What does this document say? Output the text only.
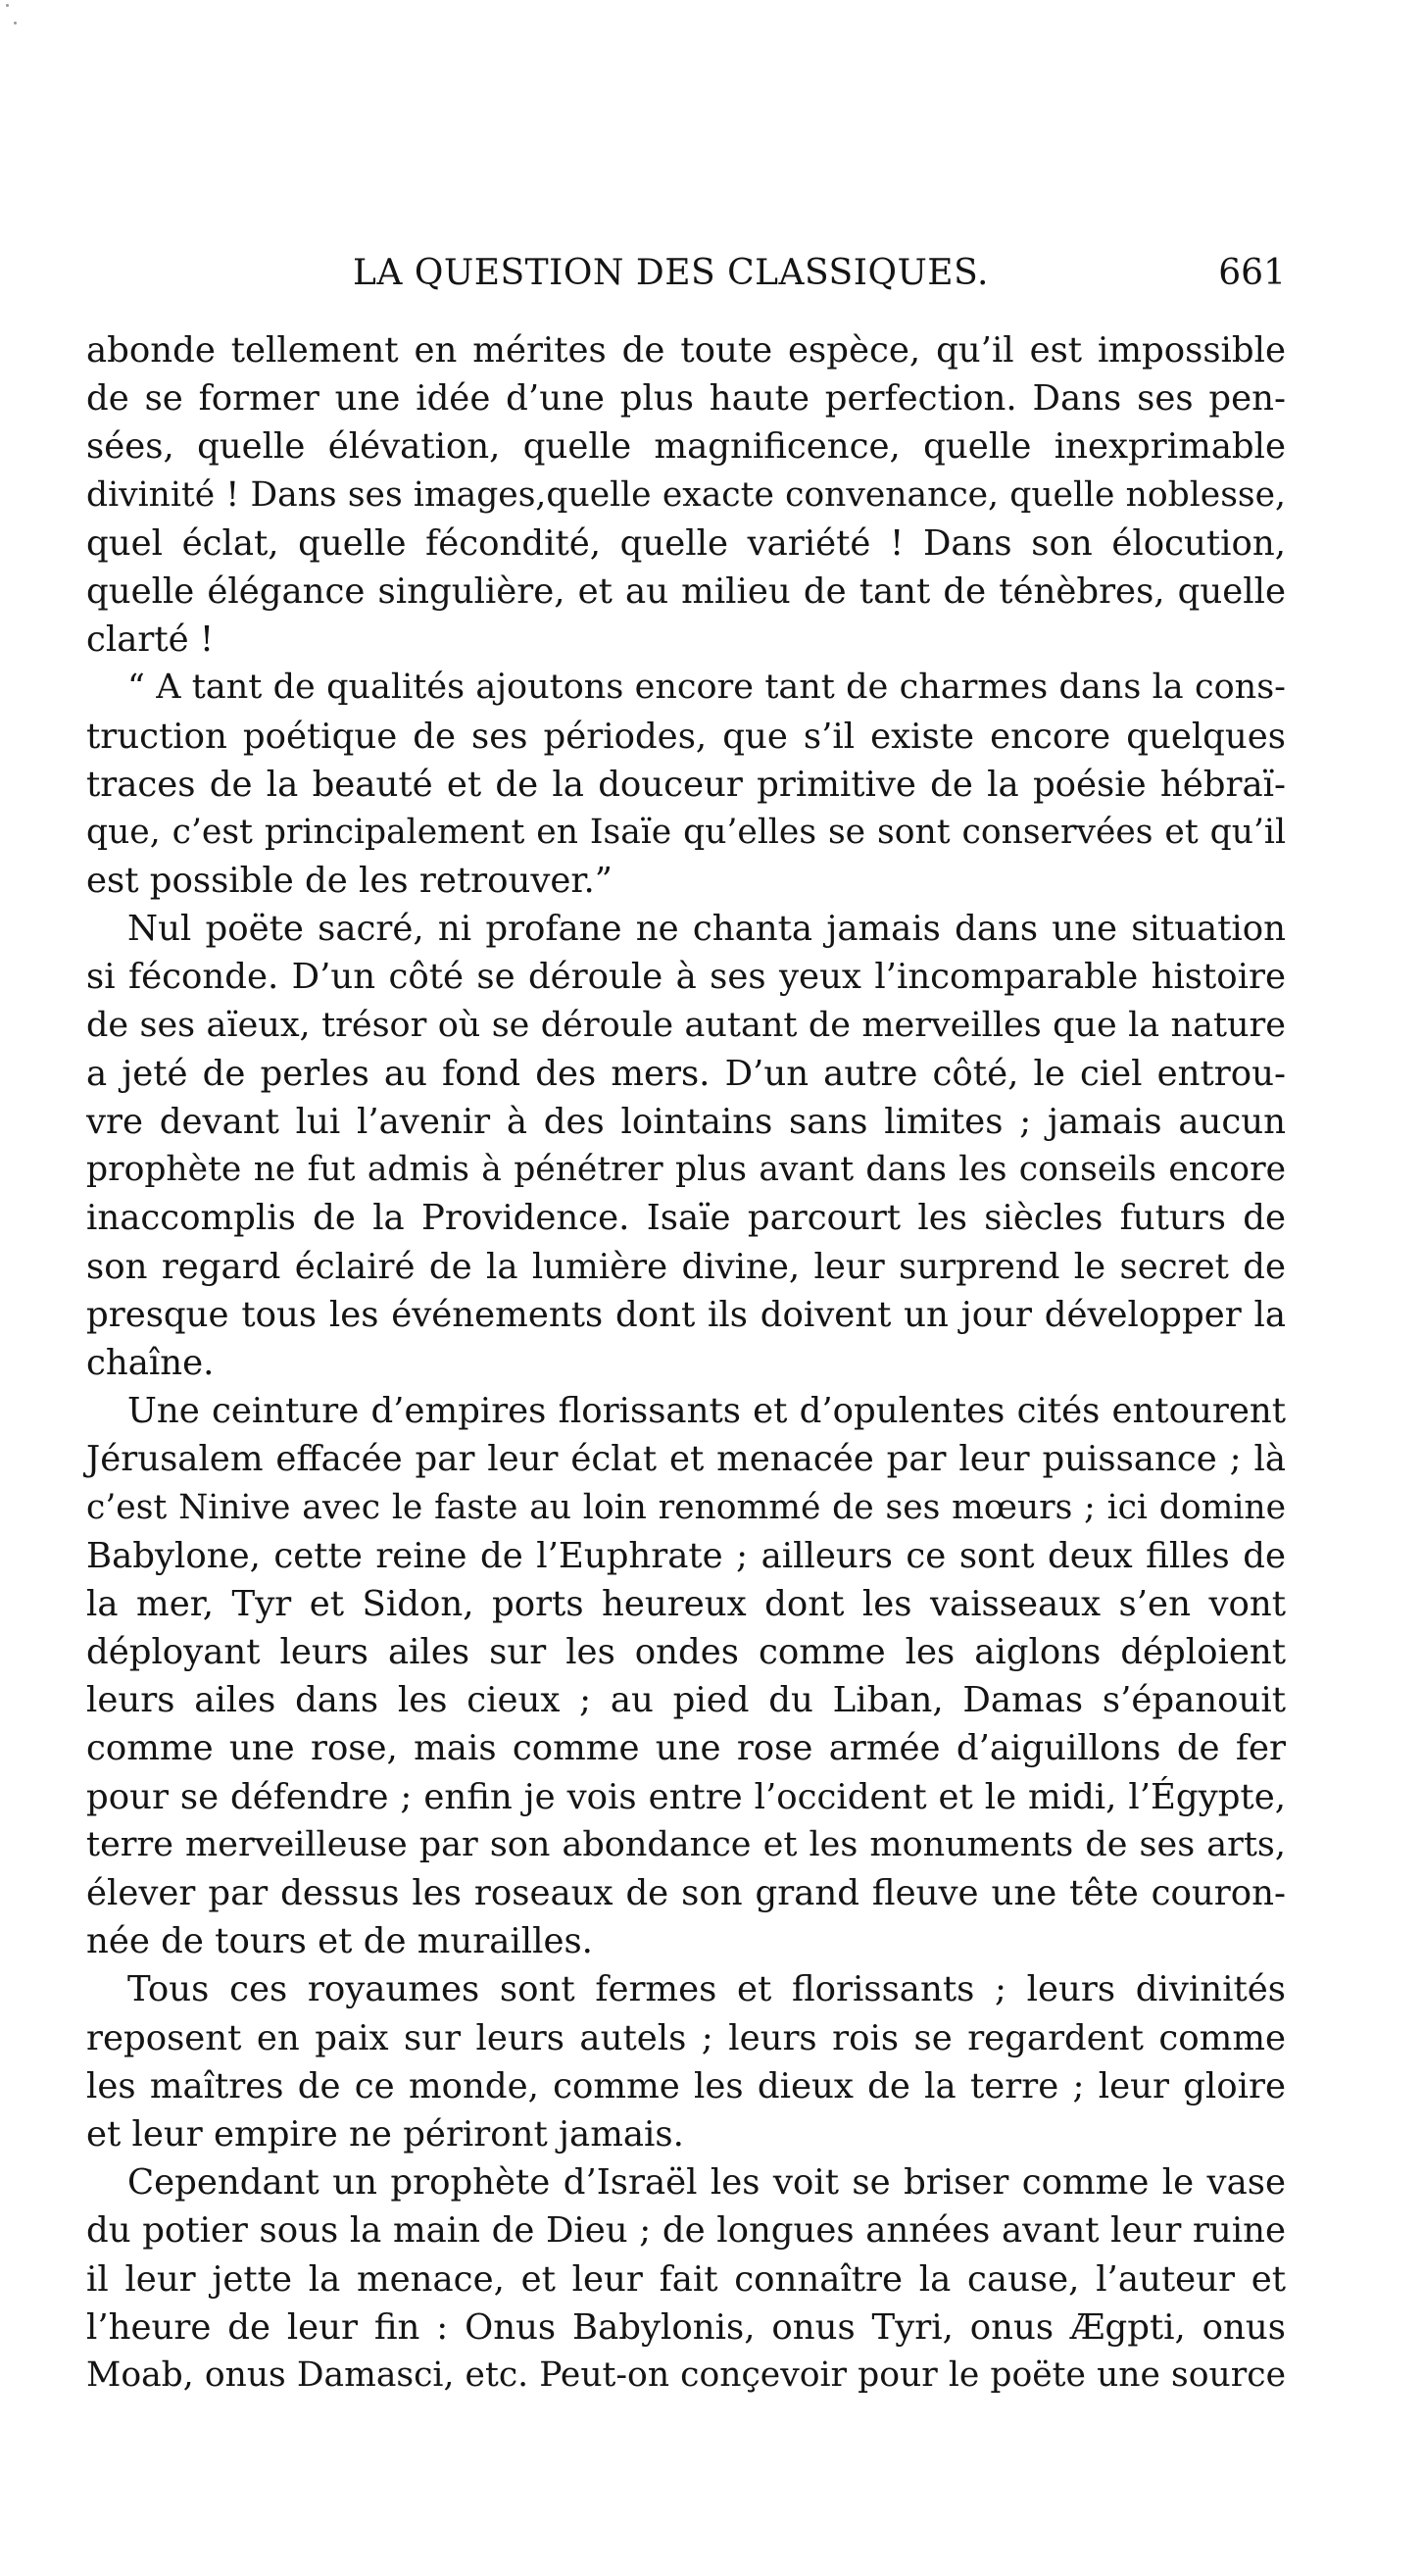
LA QUESTION DES CLASSIQUES.	661
abonde tellement en mérites de toute espèce, qu’il est impossible
de se former une idée d’une plus haute perfection. Dans ses pen-
sées, quelle élévation, quelle magnificence, quelle inexprimable
divinité ! Dans ses images,quelle exacte convenance, quelle noblesse,
quel éclat, quelle fécondité, quelle variété ! Dans son élocution,
quelle élégance singulière, et au milieu de tant de ténèbres, quelle
clarté !
“ A tant de qualités ajoutons encore tant de charmes dans la cons-
truction poétique de ses périodes, que s’il existe encore quelques
traces de la beauté et de la douceur primitive de la poésie hébraï-
que, c’est principalement en Isaïe qu’elles se sont conservées et qu’il
est possible de les retrouver.”
Nul poëte sacré, ni profane ne chanta jamais dans une situation
si féconde. D’un côté se déroule à ses yeux l’incomparable histoire
de ses aïeux, trésor où se déroule autant de merveilles que la nature
a jeté de perles au fond des mers. D’un autre côté, le ciel entrou-
vre devant lui l’avenir à des lointains sans limites ; jamais aucun
prophète ne fut admis à pénétrer plus avant dans les conseils encore
inaccomplis de la Providence. Isaïe parcourt les siècles futurs de
son regard éclairé de la lumière divine, leur surprend le secret de
presque tous les événements dont ils doivent un jour développer la
chaîne.
Une ceinture d’empires florissants et d’opulentes cités entourent
Jérusalem effacée par leur éclat et menacée par leur puissance ; là
c’est Ninive avec le faste au loin renommé de ses mœurs ; ici domine
Babylone, cette reine de l’Euphrate ; ailleurs ce sont deux filles de
la mer, Tyr et Sidon, ports heureux dont les vaisseaux s’en vont
déployant leurs ailes sur les ondes comme les aiglons déploient
leurs ailes dans les cieux ; au pied du Liban, Damas s’épanouit
comme une rose, mais comme une rose armée d’aiguillons de fer
pour se défendre ; enfin je vois entre l’occident et le midi, l’Égypte,
terre merveilleuse par son abondance et les monuments de ses arts,
élever par dessus les roseaux de son grand fleuve une tête couron-
née de tours et de murailles.
Tous ces royaumes sont fermes et florissants ; leurs divinités
reposent en paix sur leurs autels ; leurs rois se regardent comme
les maîtres de ce monde, comme les dieux de la terre ; leur gloire
et leur empire ne périront jamais.
Cependant un prophète d’Israël les voit se briser comme le vase
du potier sous la main de Dieu ; de longues années avant leur ruine
il leur jette la menace, et leur fait connaître la cause, l’auteur et
l’heure de leur fin : Onus Babylonis, onus Tyri, onus Ægpti, onus
Moab, onus Damasci, etc. Peut-on conçevoir pour le poëte une source
